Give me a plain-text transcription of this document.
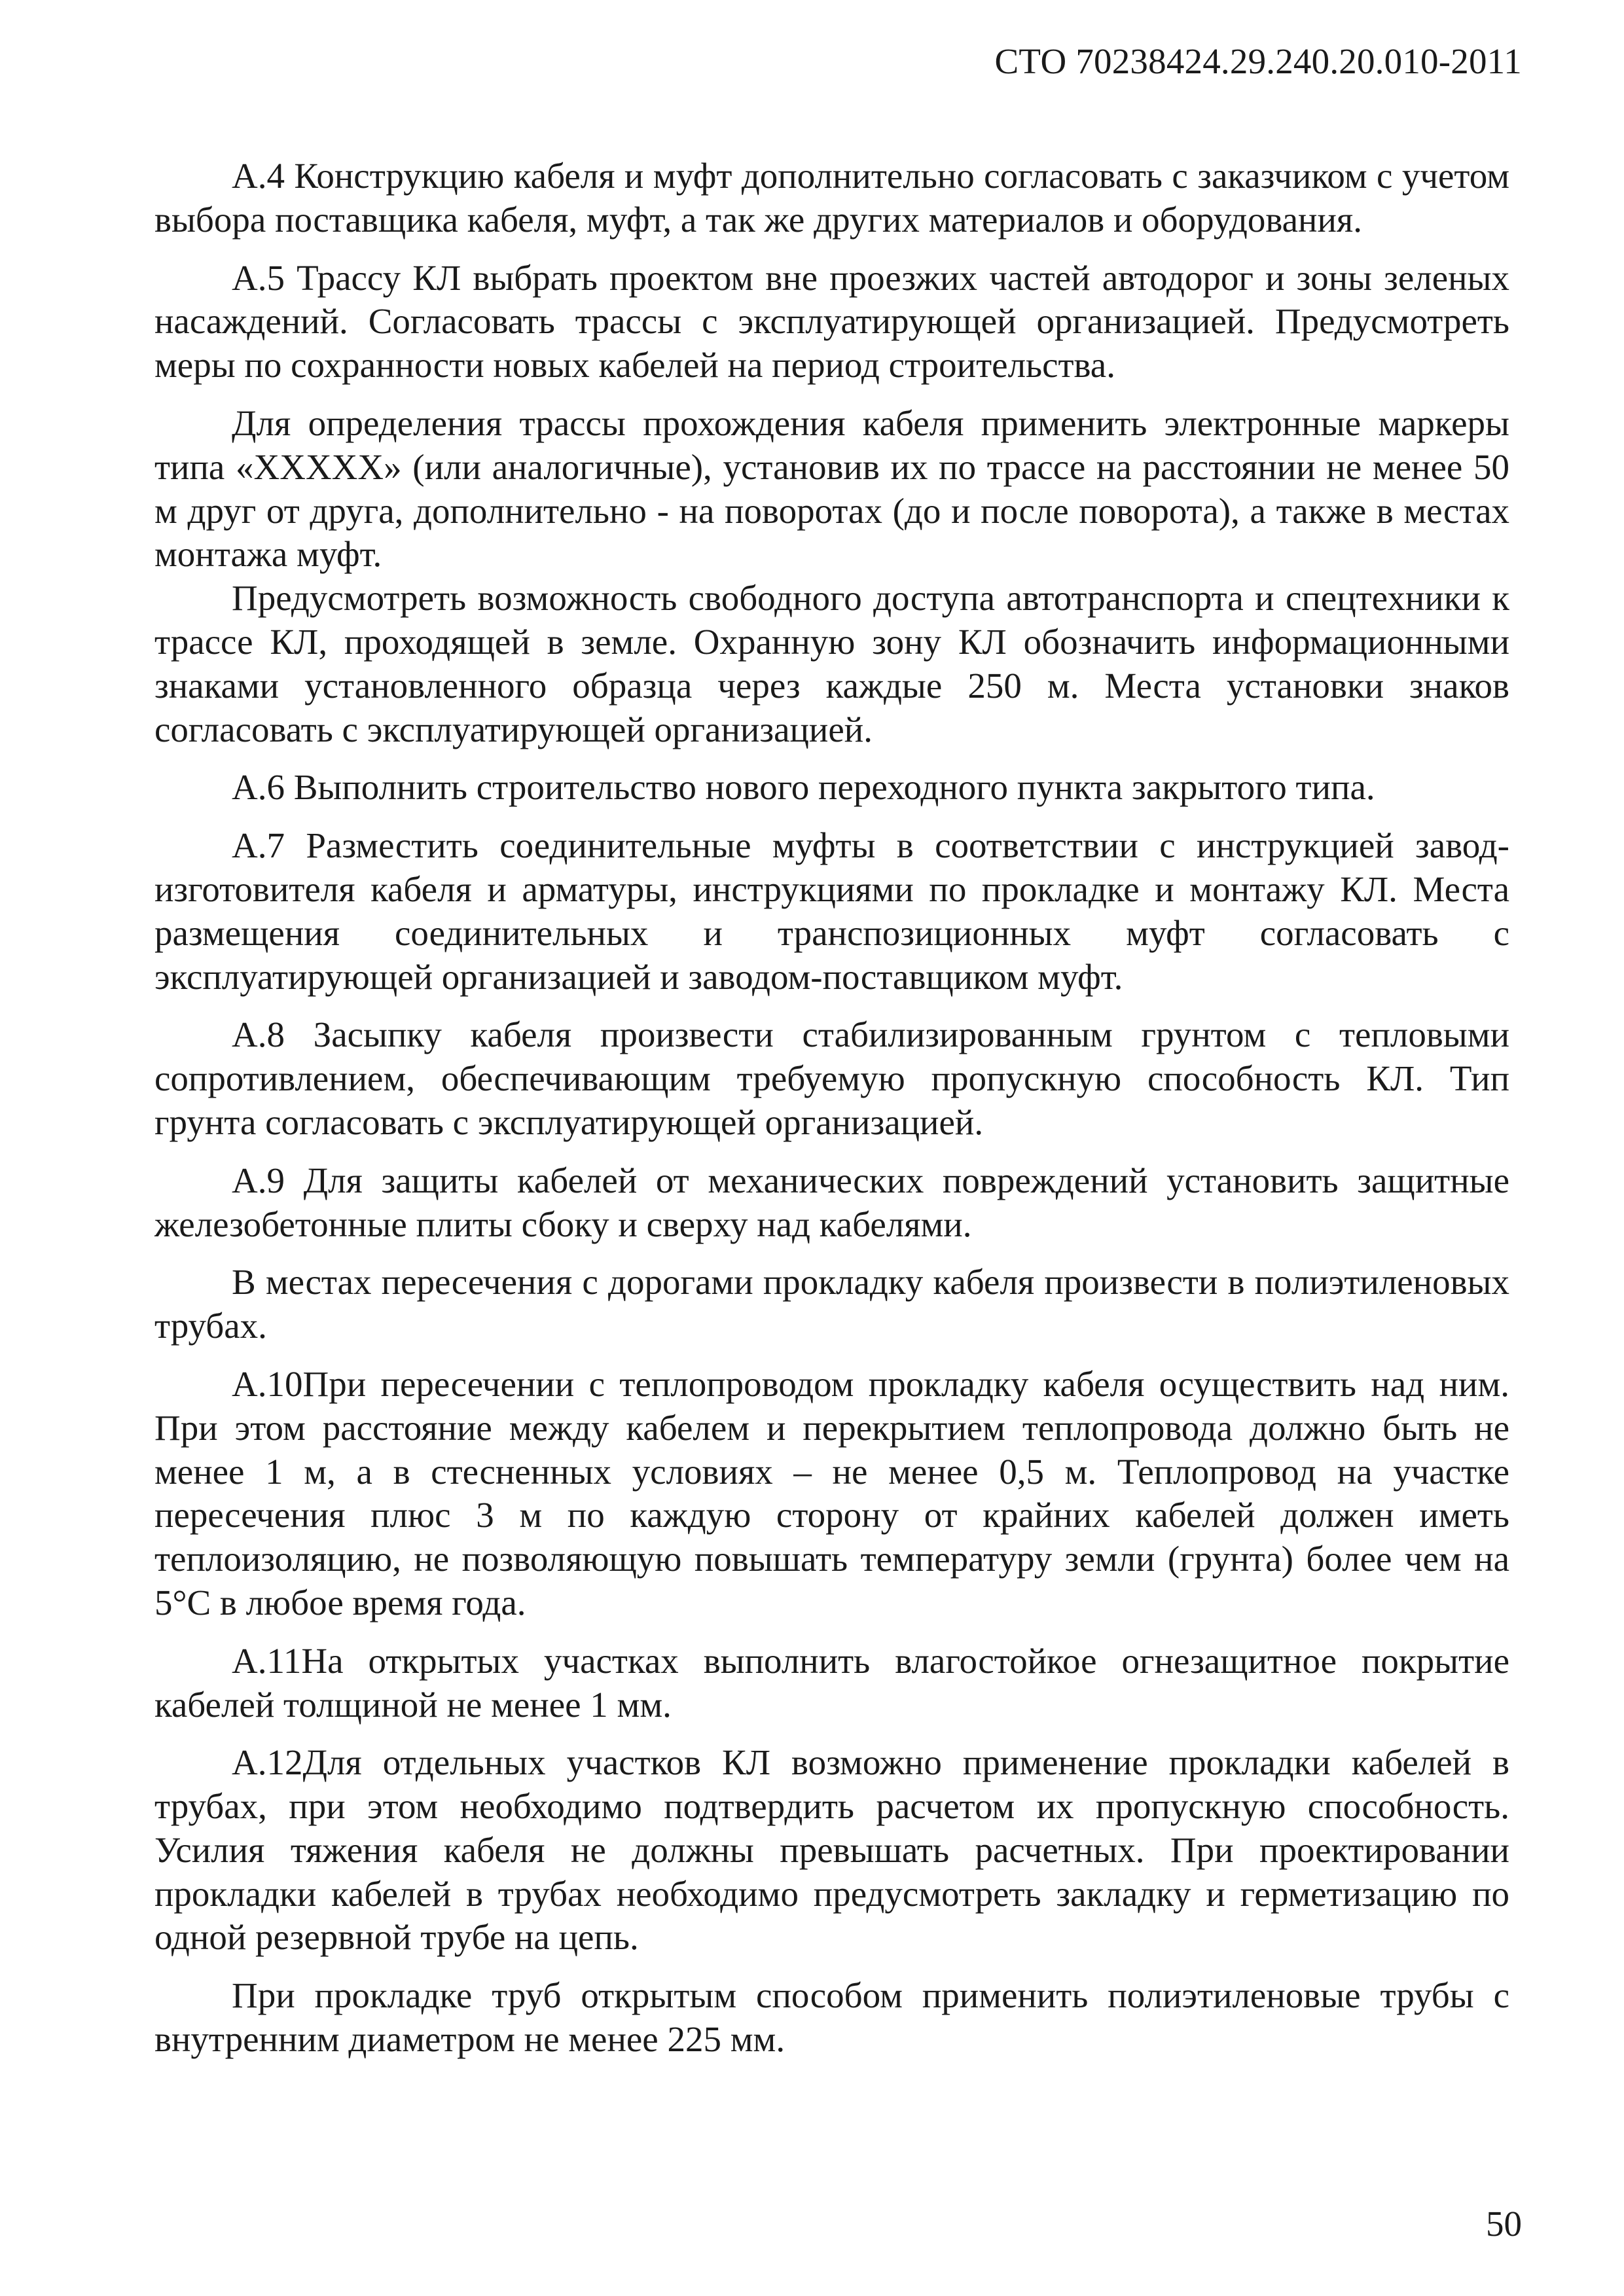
СТО 70238424.29.240.20.010-2011

А.4 Конструкцию кабеля и муфт дополнительно согласовать с заказчиком с учетом выбора поставщика кабеля, муфт, а так же других материалов и оборудования.

А.5 Трассу КЛ выбрать проектом вне проезжих частей автодорог и зоны зеленых насаждений. Согласовать трассы с эксплуатирующей организацией. Предусмотреть меры по сохранности новых кабелей на период строительства.

Для определения трассы прохождения кабеля применить электронные маркеры типа «ХХХХХ» (или аналогичные), установив их по трассе на расстоянии не менее 50 м друг от друга, дополнительно - на поворотах (до и после поворота), а также в местах монтажа муфт.

Предусмотреть возможность свободного доступа автотранспорта и спецтехники к трассе КЛ, проходящей в земле. Охранную зону КЛ обозначить информационными знаками установленного образца через каждые 250 м. Места установки знаков согласовать с эксплуатирующей организацией.

А.6 Выполнить строительство нового переходного пункта закрытого типа.

А.7 Разместить соединительные муфты в соответствии с инструкцией завод-изготовителя кабеля и арматуры, инструкциями по прокладке и монтажу КЛ. Места размещения соединительных и транспозиционных муфт согласовать с эксплуатирующей организацией и заводом-поставщиком муфт.

А.8 Засыпку кабеля произвести стабилизированным грунтом с тепловыми сопротивлением, обеспечивающим требуемую пропускную способность КЛ. Тип грунта согласовать с эксплуатирующей организацией.

А.9 Для защиты кабелей от механических повреждений установить защитные железобетонные плиты сбоку и сверху над кабелями.

В местах пересечения с дорогами прокладку кабеля произвести в полиэтиленовых трубах.

А.10При пересечении с теплопроводом прокладку кабеля осуществить над ним. При этом расстояние между кабелем и перекрытием теплопровода должно быть не менее 1 м, а в стесненных условиях – не менее 0,5 м. Теплопровод на участке пересечения плюс 3 м по каждую сторону от крайних кабелей должен иметь теплоизоляцию, не позволяющую повышать температуру земли (грунта) более чем на 5°С в любое время года.

А.11На открытых участках выполнить влагостойкое огнезащитное покрытие кабелей толщиной не менее 1 мм.

А.12Для отдельных участков КЛ возможно применение прокладки кабелей в трубах, при этом необходимо подтвердить расчетом их пропускную способность. Усилия тяжения кабеля не должны превышать расчетных. При проектировании прокладки кабелей в трубах необходимо предусмотреть закладку и герметизацию по одной резервной трубе на цепь.

При прокладке труб открытым способом применить полиэтиленовые трубы с внутренним диаметром не менее 225 мм.

50
